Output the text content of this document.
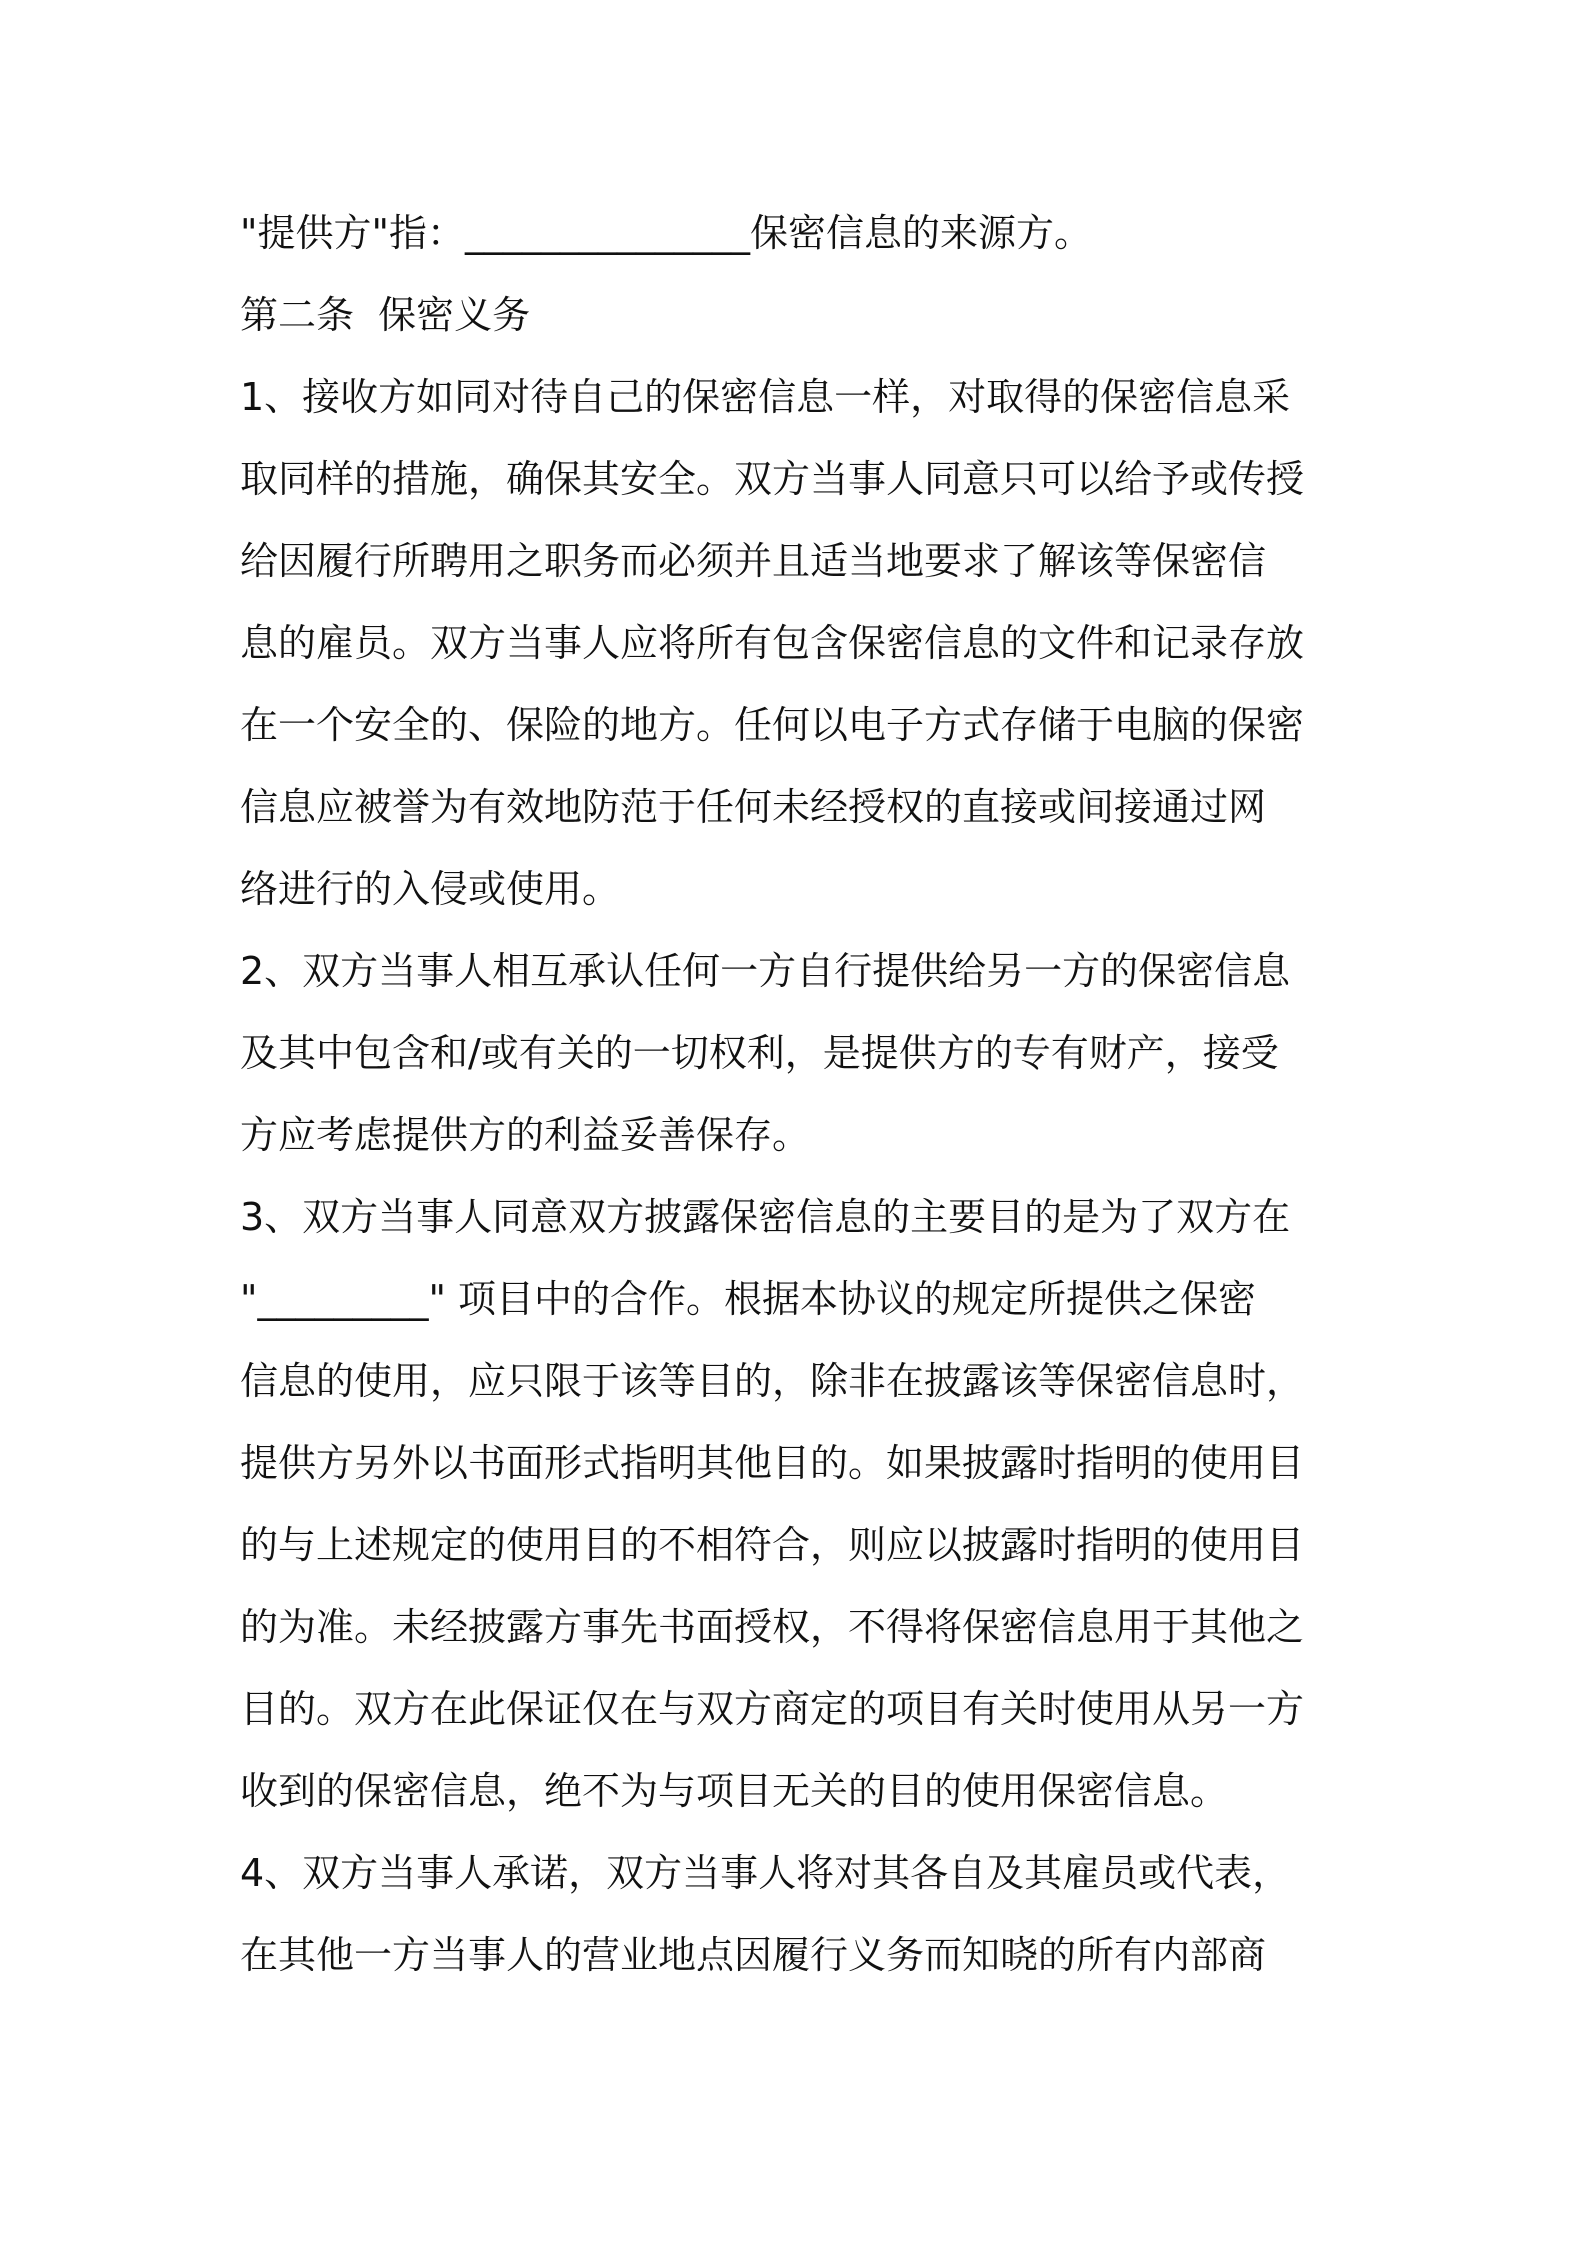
"提供方"指：_______________保密信息的来源方。
第二条  保密义务
1、接收方如同对待自己的保密信息一样，对取得的保密信息采
取同样的措施，确保其安全。双方当事人同意只可以给予或传授
给因履行所聘用之职务而必须并且适当地要求了解该等保密信
息的雇员。双方当事人应将所有包含保密信息的文件和记录存放
在一个安全的、保险的地方。任何以电子方式存储于电脑的保密
信息应被誉为有效地防范于任何未经授权的直接或间接通过网
络进行的入侵或使用。
2、双方当事人相互承认任何一方自行提供给另一方的保密信息
及其中包含和/或有关的一切权利，是提供方的专有财产，接受
方应考虑提供方的利益妥善保存。
3、双方当事人同意双方披露保密信息的主要目的是为了双方在
"_________" 项目中的合作。根据本协议的规定所提供之保密
信息的使用，应只限于该等目的，除非在披露该等保密信息时，
提供方另外以书面形式指明其他目的。如果披露时指明的使用目
的与上述规定的使用目的不相符合，则应以披露时指明的使用目
的为准。未经披露方事先书面授权，不得将保密信息用于其他之
目的。双方在此保证仅在与双方商定的项目有关时使用从另一方
收到的保密信息，绝不为与项目无关的目的使用保密信息。
4、双方当事人承诺，双方当事人将对其各自及其雇员或代表，
在其他一方当事人的营业地点因履行义务而知晓的所有内部商
